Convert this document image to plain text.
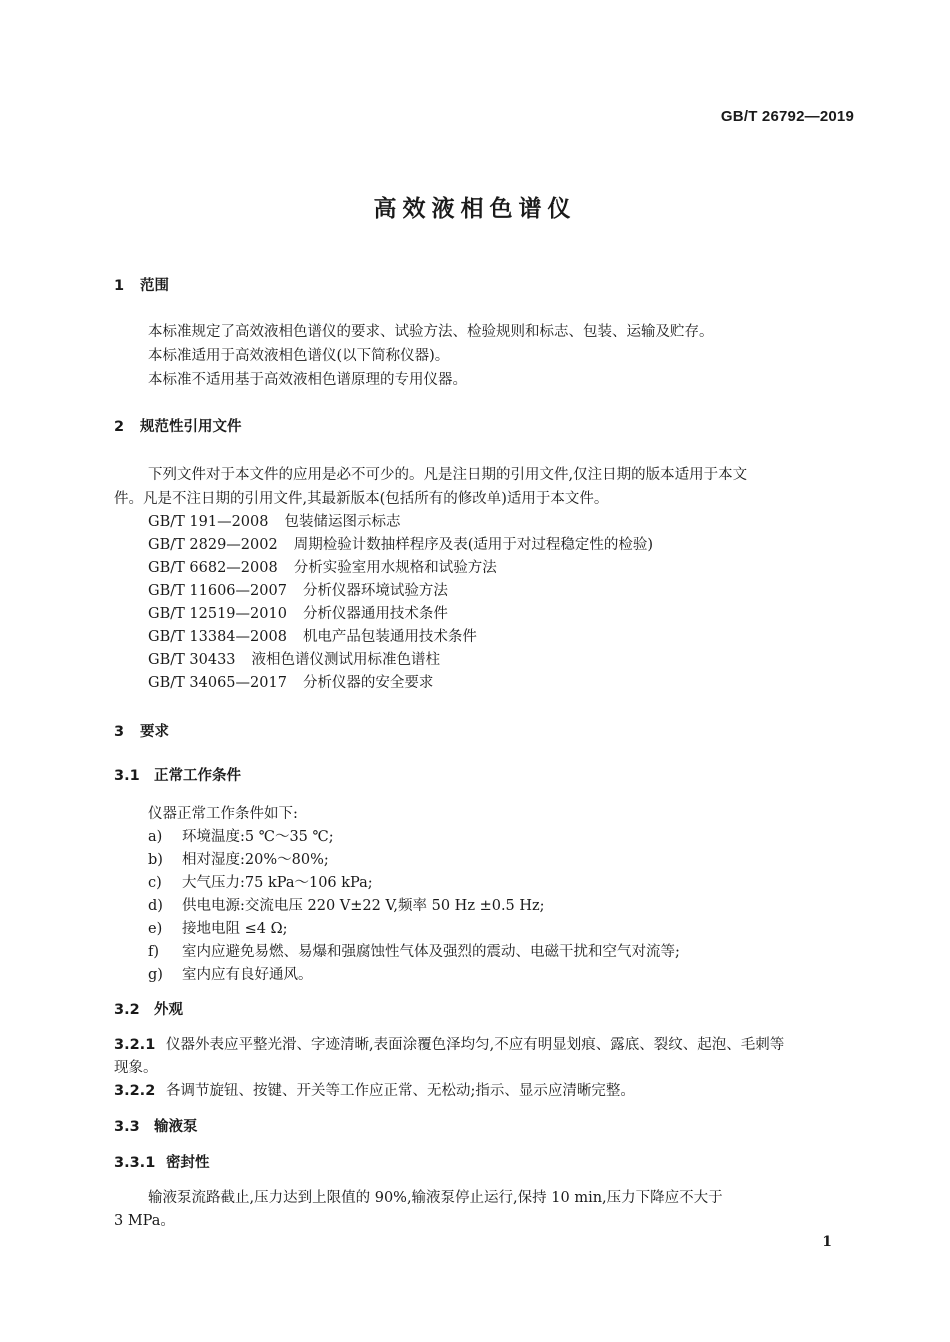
GB/T 26792—2019
高效液相色谱仪
1 范围
本标准规定了高效液相色谱仪的要求、试验方法、检验规则和标志、包装、运输及贮存。
本标准适用于高效液相色谱仪(以下简称仪器)。
本标准不适用基于高效液相色谱原理的专用仪器。
2 规范性引用文件
下列文件对于本文件的应用是必不可少的。凡是注日期的引用文件,仅注日期的版本适用于本文
件。凡是不注日期的引用文件,其最新版本(包括所有的修改单)适用于本文件。
GB/T 191—2008 包装储运图示标志
GB/T 2829—2002 周期检验计数抽样程序及表(适用于对过程稳定性的检验)
GB/T 6682—2008 分析实验室用水规格和试验方法
GB/T 11606—2007 分析仪器环境试验方法
GB/T 12519—2010 分析仪器通用技术条件
GB/T 13384—2008 机电产品包装通用技术条件
GB/T 30433 液相色谱仪测试用标准色谱柱
GB/T 34065—2017 分析仪器的安全要求
3 要求
3.1 正常工作条件
仪器正常工作条件如下:
a) 环境温度:5 ℃～35 ℃;
b) 相对湿度:20%～80%;
c) 大气压力:75 kPa～106 kPa;
d) 供电电源:交流电压 220 V±22 V,频率 50 Hz ±0.5 Hz;
e) 接地电阻 ≤4 Ω;
f) 室内应避免易燃、易爆和强腐蚀性气体及强烈的震动、电磁干扰和空气对流等;
g) 室内应有良好通风。
3.2 外观
3.2.1 仪器外表应平整光滑、字迹清晰,表面涂覆色泽均匀,不应有明显划痕、露底、裂纹、起泡、毛刺等
现象。
3.2.2 各调节旋钮、按键、开关等工作应正常、无松动;指示、显示应清晰完整。
3.3 输液泵
3.3.1 密封性
输液泵流路截止,压力达到上限值的 90%,输液泵停止运行,保持 10 min,压力下降应不大于
3 MPa。
1
